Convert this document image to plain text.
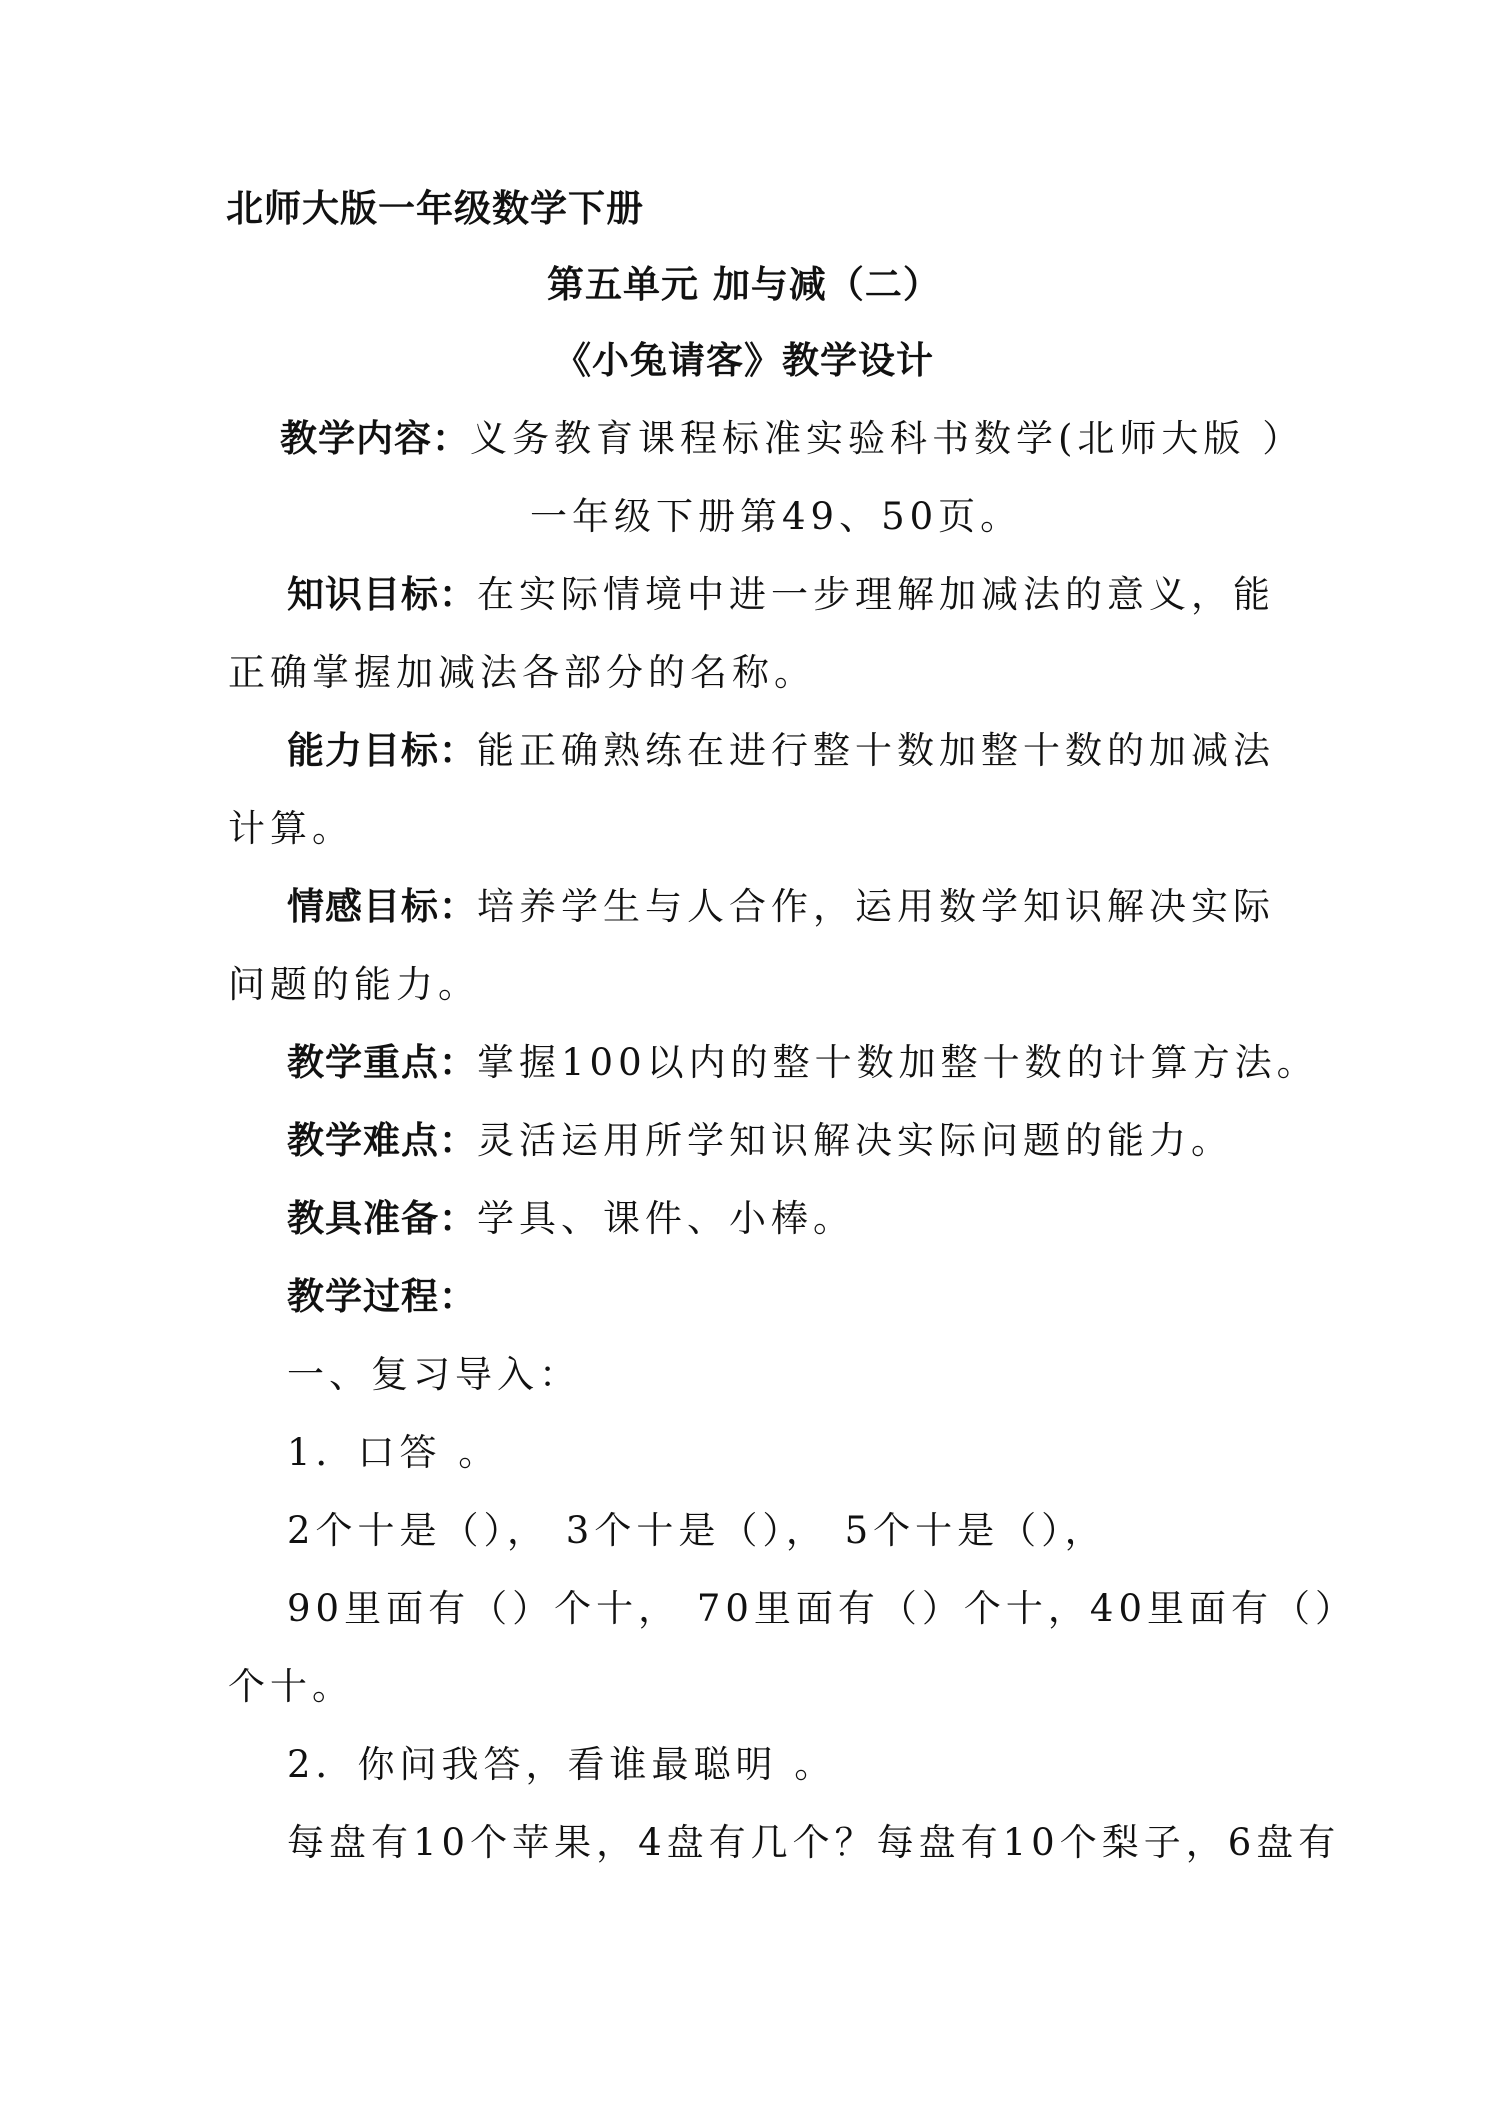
北师大版一年级数学下册
第五单元 加与减（二）
《小兔请客》教学设计
教学内容：义务教育课程标准实验科书数学(北师大版 ）
一年级下册第49、50页。
知识目标：在实际情境中进一步理解加减法的意义，能
正确掌握加减法各部分的名称。
能力目标：能正确熟练在进行整十数加整十数的加减法
计算。
情感目标：培养学生与人合作，运用数学知识解决实际
问题的能力。
教学重点：掌握100以内的整十数加整十数的计算方法。
教学难点：灵活运用所学知识解决实际问题的能力。
教具准备：学具、课件、小棒。
教学过程：
一、复习导入：
1．口答 。
2个十是（）， 3个十是（）， 5个十是（），
90里面有（）个十， 70里面有（）个十，40里面有（）
个十。
2．你问我答，看谁最聪明 。
每盘有10个苹果，4盘有几个？每盘有10个梨子，6盘有
